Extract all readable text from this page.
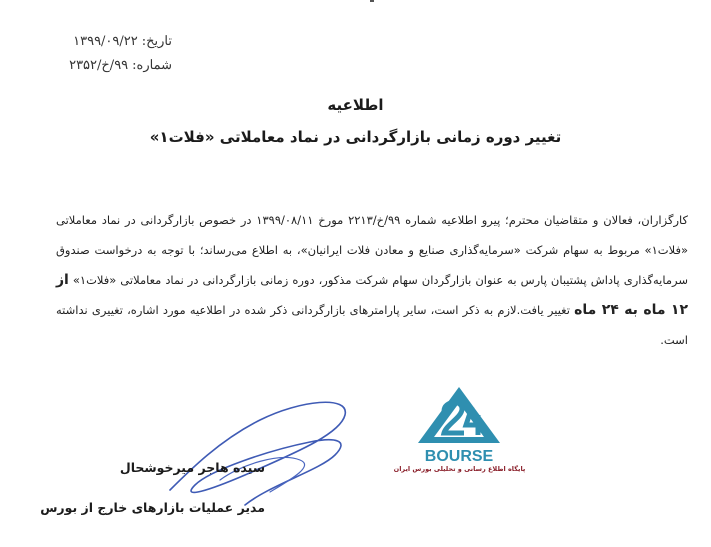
تاریخ:
۱۳۹۹/۰۹/۲۲
شماره:
۹۹/خ/۲۳۵۲
اطلاعیه
تغییر دوره زمانی بازارگردانی در نماد معاملاتی «فلات۱»
کارگزاران، فعالان و متقاضیان محترم؛ پیرو اطلاعیه شماره ۹۹/خ/۲۲۱۳ مورخ ۱۳۹۹/۰۸/۱۱ در خصوص بازارگردانی در نماد معاملاتی «فلات۱» مربوط به سهام شرکت «سرمایه‌گذاری صنایع و معادن فلات ایرانیان»، به اطلاع می‌رساند؛ با توجه به درخواست صندوق سرمایه‌گذاری پاداش پشتیبان پارس به عنوان بازارگردان سهام شرکت مذکور، دوره زمانی بازارگردانی در نماد معاملاتی «فلات۱» از ۱۲ ماه به ۲۴ ماه تغییر یافت.لازم به ذکر است، سایر پارامترهای بازارگردانی ذکر شده در اطلاعیه مورد اشاره، تغییری نداشته است.
سیده هاجر میرخوشحال
مدیر عملیات بازارهای خارج از بورس
BOURSE
پایگاه اطلاع رسانی و تحلیلی بورس ایران
